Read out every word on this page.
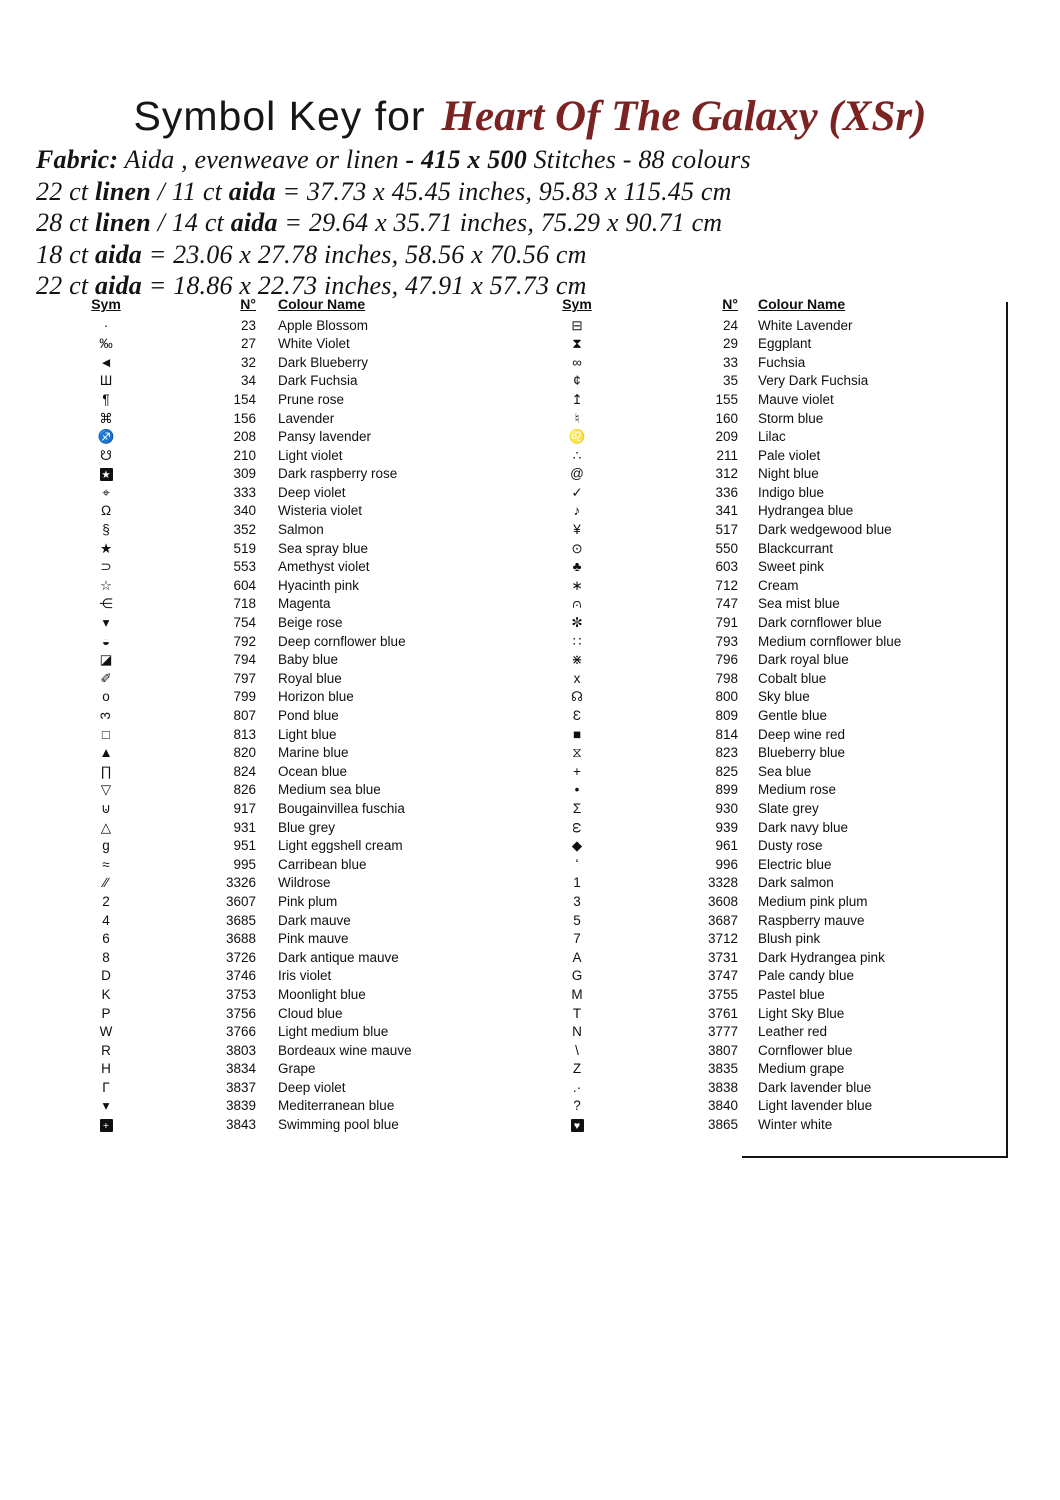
Symbol Key for Heart Of The Galaxy (XSr)
Fabric: Aida , evenweave or linen - 415 x 500 Stitches - 88 colours
22 ct linen / 11 ct aida = 37.73 x 45.45 inches, 95.83 x 115.45 cm
28 ct linen / 14 ct aida = 29.64 x 35.71 inches, 75.29 x 90.71 cm
18 ct aida = 23.06 x 27.78 inches, 58.56 x 70.56 cm
22 ct aida = 18.86 x 22.73 inches, 47.91 x 57.73 cm
Sym	N°	Colour Name
·	23	Apple Blossom
‰	27	White Violet
◄	32	Dark Blueberry
Ш	34	Dark Fuchsia
¶	154	Prune rose
⌘	156	Lavender
♐	208	Pansy lavender
☋	210	Light violet
★	309	Dark raspberry rose
⌖	333	Deep violet
Ω	340	Wisteria violet
§	352	Salmon
★	519	Sea spray blue
⊃	553	Amethyst violet
☆	604	Hyacinth pink
⋲	718	Magenta
▾	754	Beige rose
◒	792	Deep cornflower blue
◪	794	Baby blue
✐	797	Royal blue
o	799	Horizon blue
3	807	Pond blue
□	813	Light blue
▲	820	Marine blue
∏	824	Ocean blue
▽	826	Medium sea blue
⊍	917	Bougainvillea fuschia
△	931	Blue grey
g	951	Light eggshell cream
≈	995	Carribean blue
∕∕	3326	Wildrose
2	3607	Pink plum
4	3685	Dark mauve
6	3688	Pink mauve
8	3726	Dark antique mauve
D	3746	Iris violet
K	3753	Moonlight blue
P	3756	Cloud blue
W	3766	Light medium blue
R	3803	Bordeaux wine mauve
H	3834	Grape
Γ	3837	Deep violet
▾	3839	Mediterranean blue
+	3843	Swimming pool blue
Sym	N°	Colour Name
⊟	24	White Lavender
⧗	29	Eggplant
∞	33	Fuchsia
¢	35	Very Dark Fuchsia
↥	155	Mauve violet
♮	160	Storm blue
♌	209	Lilac
∴	211	Pale violet
@	312	Night blue
✓	336	Indigo blue
♪	341	Hydrangea blue
¥	517	Dark wedgewood blue
⊙	550	Blackcurrant
♣	603	Sweet pink
∗	712	Cream
⩀	747	Sea mist blue
✼	791	Dark cornflower blue
∷	793	Medium cornflower blue
⋇	796	Dark royal blue
x	798	Cobalt blue
☊	800	Sky blue
Ɛ	809	Gentle blue
■	814	Deep wine red
⧖	823	Blueberry blue
+	825	Sea blue
•	899	Medium rose
Σ	930	Slate grey
ω	939	Dark navy blue
◆	961	Dusty rose
ʻ	996	Electric blue
1	3328	Dark salmon
3	3608	Medium pink plum
5	3687	Raspberry mauve
7	3712	Blush pink
A	3731	Dark Hydrangea pink
G	3747	Pale candy blue
M	3755	Pastel blue
T	3761	Light Sky Blue
N	3777	Leather red
\	3807	Cornflower blue
Z	3835	Medium grape
.·	3838	Dark lavender blue
?	3840	Light lavender blue
♥	3865	Winter white
